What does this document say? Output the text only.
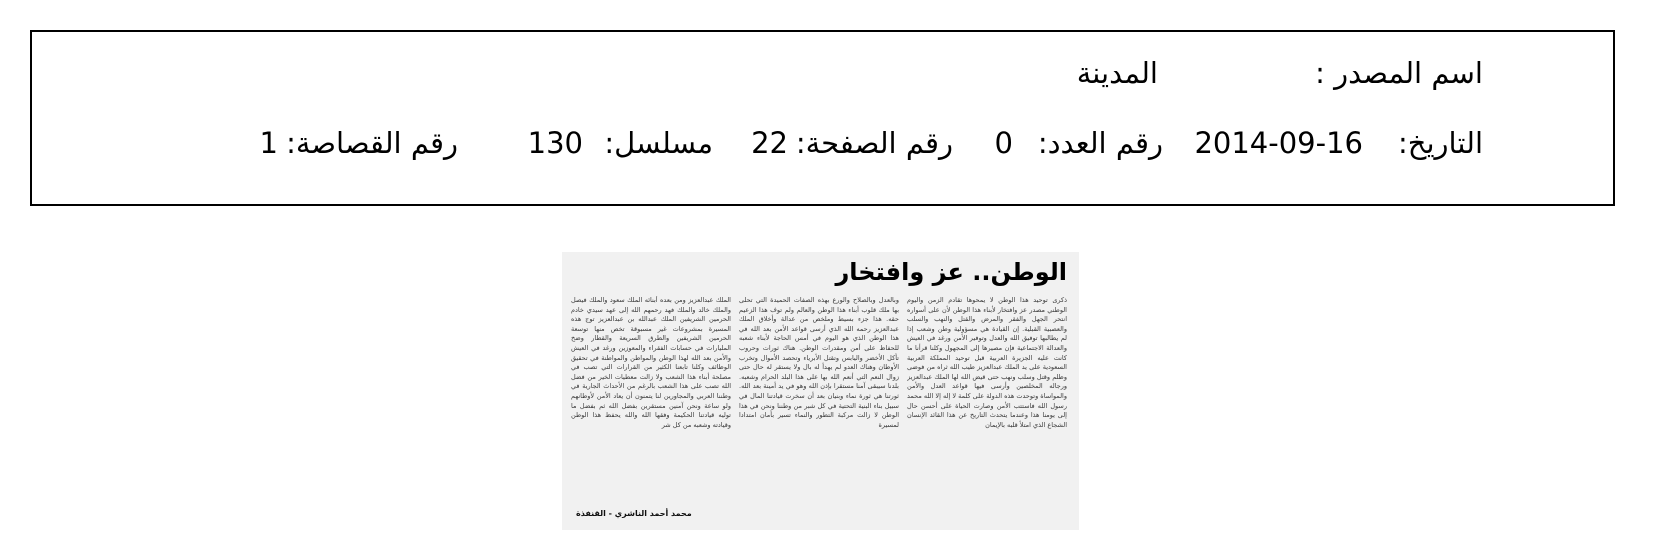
اسم المصدر :
المدينة
التاريخ:
2014-09-16
رقم العدد:
0
رقم الصفحة:
22
مسلسل:
130
رقم القصاصة:
1
الوطن.. عز وافتخار

ذكرى توحيد هذا الوطن لا يمحوها تقادم الزمن واليوم الوطني مصدر عز وافتخار لأبناء هذا الوطن لأن على أسواره انتحر الجهل والفقر والمرض والقتل والنهب والسلب والعصبية القبلية. إن القيادة هي مسؤولية وطن وشعب إذا لم يطالبها توفيق الله والعدل وتوفير الأمن ورغد في العيش والعدالة الاجتماعية فإن مصيرها إلى المجهول وكلنا قرأنا ما كانت عليه الجزيرة العربية قبل توحيد المملكة العربية السعودية على يد الملك عبدالعزيز طيب الله ثراه من فوضى وظلم وقتل وسلب ونهب حتى قيض الله لها الملك عبدالعزيز ورجاله المخلصين وأرسى فيها قواعد العدل والأمن والمواساة وتوحدت هذه الدولة على كلمة لا إله إلا الله محمد رسول الله فاستتب الأمن وصارت الحياة على أحسن حال إلى يومنا هذا وعندما يتحدث التاريخ عن هذا القائد الإنسان الشجاع الذي امتلأ قلبه بالإيمان

وبالعدل وبالصلاح والورع بهذه الصفات الحميدة التي تحلى بها ملك قلوب أبناء هذا الوطن والعالم ولم توف هذا الزعيم حقه. هذا جزء بسيط وملخص من عدالة وأخلاق الملك عبدالعزيز رحمه الله الذي أرسى قواعد الأمن بعد الله في هذا الوطن الذي هو اليوم في أمس الحاجة لأبناء شعبه للحفاظ على أمن ومقدرات الوطن. هناك ثورات وحروب تأكل الأخضر واليابس وتقتل الأبرياء وتحصد الأموال وتخرب الأوطان وهناك العدو لم يهدأ له بال ولا يستقر له حال حتى زوال النعم التي أنعم الله بها على هذا البلد الحرام وشعبه. بلدنا سيبقى آمنا مستقرا بإذن الله وهو في يد أمينة بعد الله. ثورتنا هي ثورة نماء وبنيان بعد أن سخرت قيادتنا المال في سبيل بناء البنية التحتية في كل شبر من وطننا ونحن في هذا الوطن لا زالت مركبة التطور والنماء تسير بأمان امتدادا لمسيرة

الملك عبدالعزيز ومن بعده أبنائه الملك سعود والملك فيصل والملك خالد والملك فهد رحمهم الله إلى عهد سيدي خادم الحرمين الشريفين الملك عبدالله بن عبدالعزيز توج هذه المسيرة بمشروعات غير مسبوقة تخص منها توسعة الحرمين الشريفين والطرق السريعة والقطار وضخ المليارات في حسابات الفقراء والمعوزين ورغد في العيش والأمن بعد الله لهذا الوطن والمواطن والمواطنة في تحقيق الوظائف وكلنا تابعنا الكثير من القرارات التي تصب في مصلحة أبناء هذا الشعب ولا زالت معطيات الخير من فضل الله تصب على هذا الشعب بالرغم من الأحداث الجارية في وطننا العربي والمجاورين لنا يتمنون أن يعاد الأمن لأوطانهم ولو ساعة ونحن آمنين مستقرين بفضل الله ثم بفضل ما توليه قيادتنا الحكيمة وفقها الله والله يحفظ هذا الوطن وقيادته وشعبه من كل شر

محمد أحمد الناشري - القنفذة
